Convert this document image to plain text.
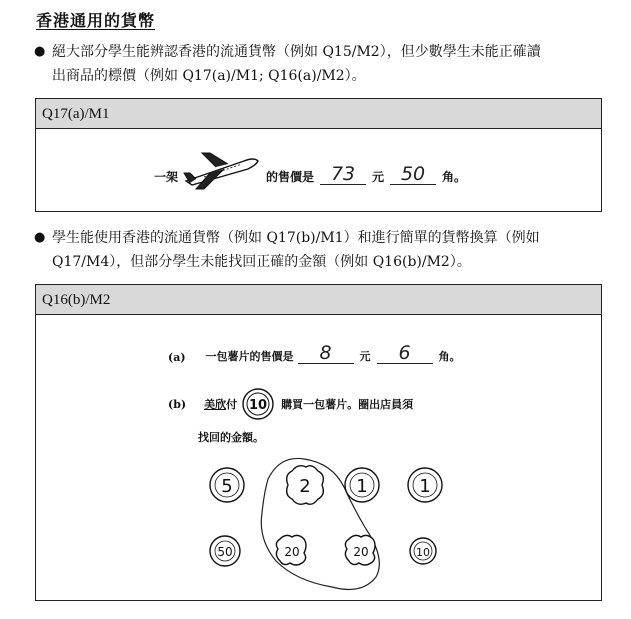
香港通用的貨幣
● 絕大部分學生能辨認香港的流通貨幣（例如 Q15/M2），但少數學生未能正確讀
出商品的標價（例如 Q17(a)/M1; Q16(a)/M2）。
Q17(a)/M1
一架	的售價是 73	元 50	角。
● 學生能使用香港的流通貨幣（例如 Q17(b)/M1）和進行簡單的貨幣換算（例如
Q17/M4），但部分學生未能找回正確的金額（例如 Q16(b)/M2）。
Q16(b)/M2
(a) 一包薯片的售價是	8	元	6	角。
(b) 美欣 付 10 購買一包薯片。圈出店員須
找回的金額。
5	2	1	1
50	20	20	10
